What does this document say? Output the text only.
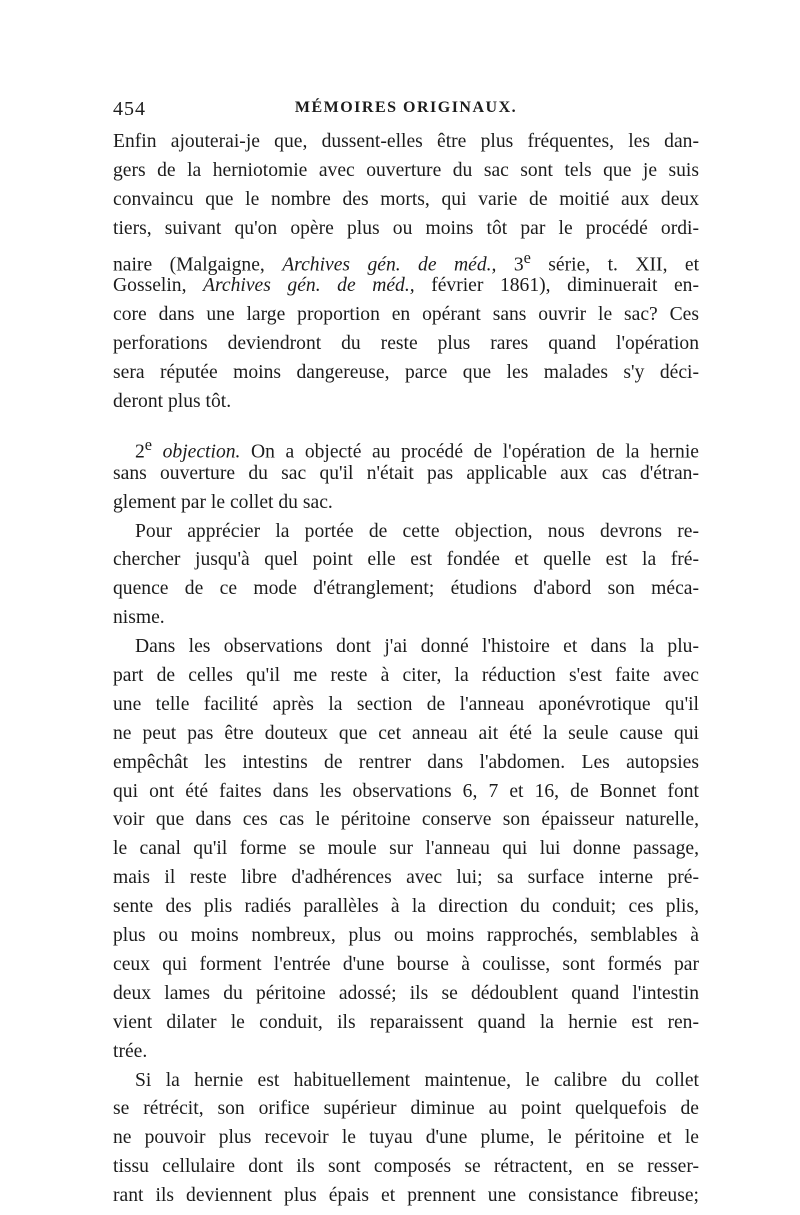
454	MÉMOIRES ORIGINAUX.
Enfin ajouterai-je que, dussent-elles être plus fréquentes, les dan-
gers de la herniotomie avec ouverture du sac sont tels que je suis
convaincu que le nombre des morts, qui varie de moitié aux deux
tiers, suivant qu'on opère plus ou moins tôt par le procédé ordi-
naire (Malgaigne, Archives gén. de méd., 3e série, t. XII, et
Gosselin, Archives gén. de méd., février 1861), diminuerait en-
core dans une large proportion en opérant sans ouvrir le sac? Ces
perforations deviendront du reste plus rares quand l'opération
sera réputée moins dangereuse, parce que les malades s'y déci-
deront plus tôt.
2e objection. On a objecté au procédé de l'opération de la hernie
sans ouverture du sac qu'il n'était pas applicable aux cas d'étran-
glement par le collet du sac.
Pour apprécier la portée de cette objection, nous devrons re-
chercher jusqu'à quel point elle est fondée et quelle est la fré-
quence de ce mode d'étranglement; étudions d'abord son méca-
nisme.
Dans les observations dont j'ai donné l'histoire et dans la plu-
part de celles qu'il me reste à citer, la réduction s'est faite avec
une telle facilité après la section de l'anneau aponévrotique qu'il
ne peut pas être douteux que cet anneau ait été la seule cause qui
empêchât les intestins de rentrer dans l'abdomen. Les autopsies
qui ont été faites dans les observations 6, 7 et 16, de Bonnet font
voir que dans ces cas le péritoine conserve son épaisseur naturelle,
le canal qu'il forme se moule sur l'anneau qui lui donne passage,
mais il reste libre d'adhérences avec lui; sa surface interne pré-
sente des plis radiés parallèles à la direction du conduit; ces plis,
plus ou moins nombreux, plus ou moins rapprochés, semblables à
ceux qui forment l'entrée d'une bourse à coulisse, sont formés par
deux lames du péritoine adossé; ils se dédoublent quand l'intestin
vient dilater le conduit, ils reparaissent quand la hernie est ren-
trée.
Si la hernie est habituellement maintenue, le calibre du collet
se rétrécit, son orifice supérieur diminue au point quelquefois de
ne pouvoir plus recevoir le tuyau d'une plume, le péritoine et le
tissu cellulaire dont ils sont composés se rétractent, en se resser-
rant ils deviennent plus épais et prennent une consistance fibreuse;
